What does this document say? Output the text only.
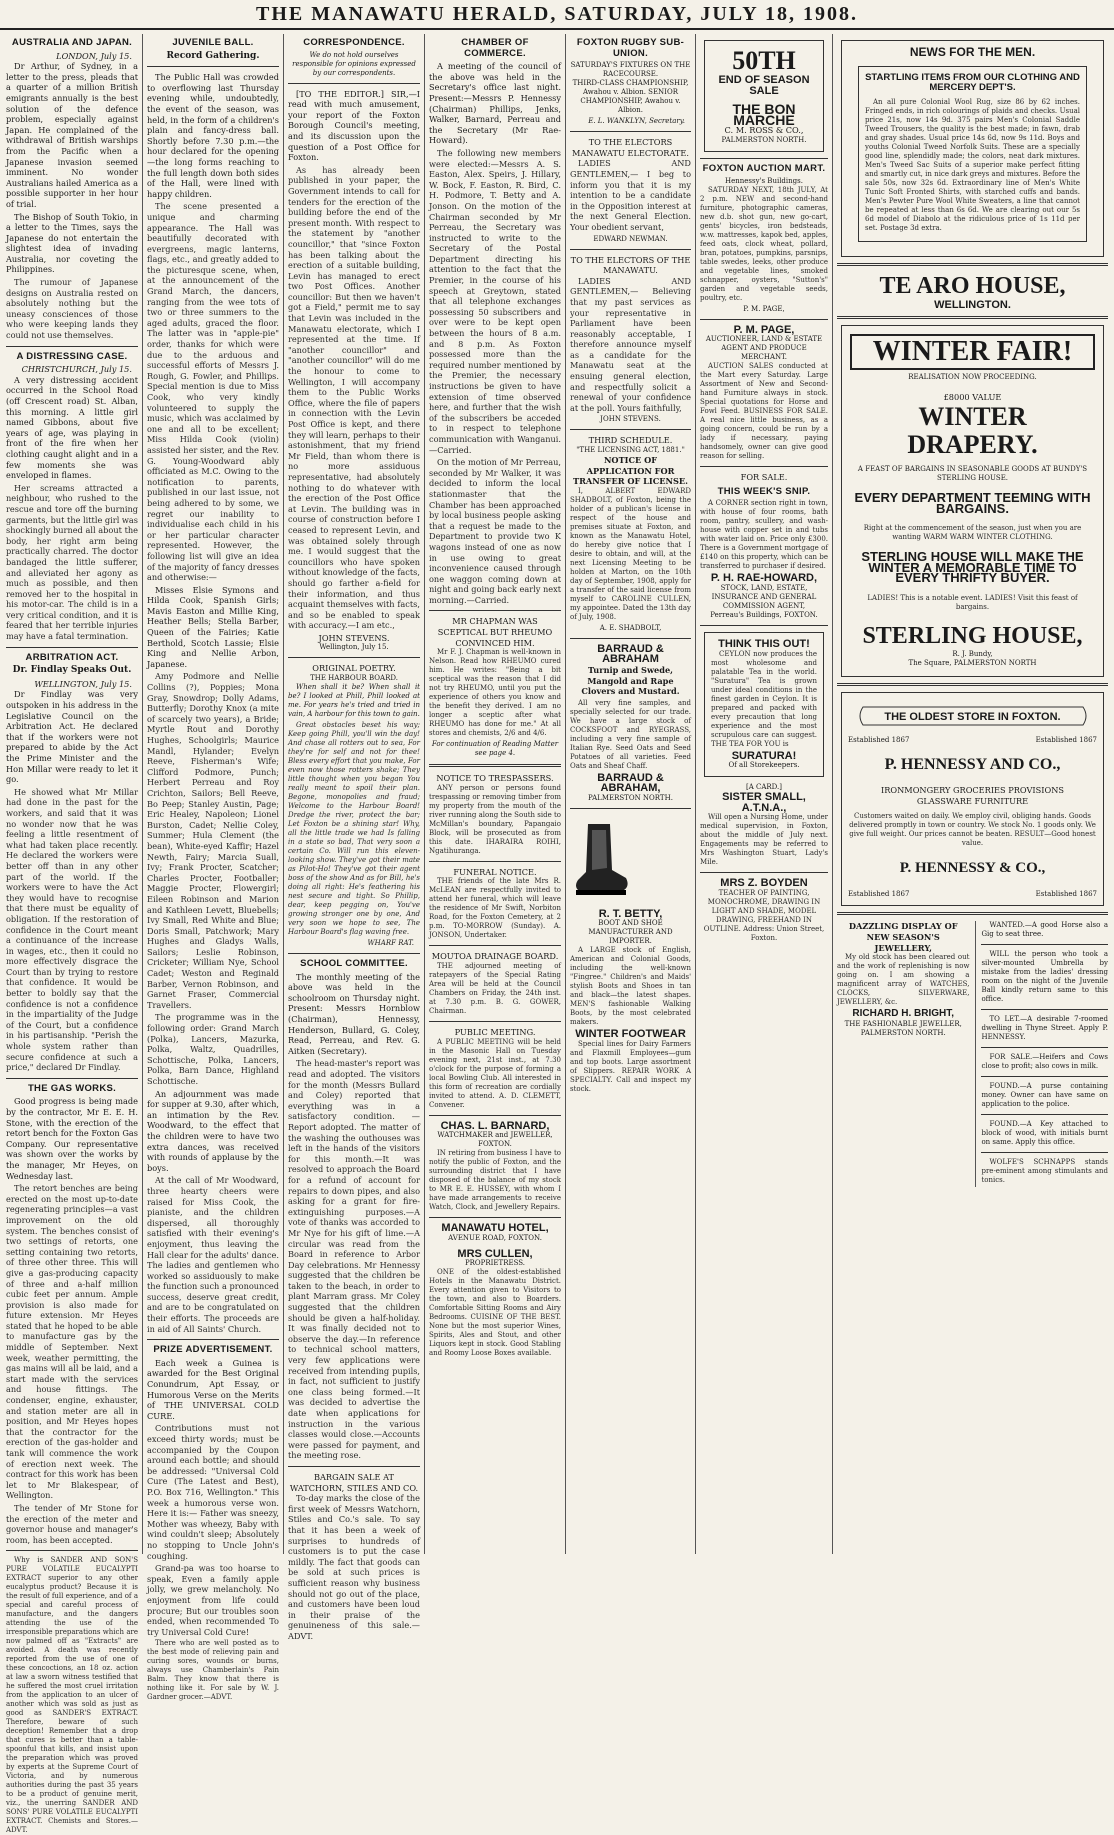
THE MANAWATU HERALD, SATURDAY, JULY 18, 1908.
AUSTRALIA AND JAPAN.
LONDON, July 15.

Dr Arthur, of Sydney, in a letter to the press, pleads that a quarter of a million British emigrants annually is the best solution of the defence problem, especially against Japan. He complained of the withdrawal of British warships from the Pacific when a Japanese invasion seemed imminent. No wonder Australians hailed America as a possible supporter in her hour of trial.

The Bishop of South Tokio, in a letter to the Times, says the Japanese do not entertain the slightest idea of invading Australia, nor coveting the Philippines.

The rumour of Japanese designs on Australia rested on absolutely nothing but the uneasy consciences of those who were keeping lands they could not use themselves.

A DISTRESSING CASE.
CHRISTCHURCH, July 15.

A very distressing accident occurred in the School Road (off Crescent road) St. Alban, this morning. A little girl named Gibbons, about five years of age, was playing in front of the fire when her clothing caught alight and in a few moments she was enveloped in flames.

Her screams attracted a neighbour, who rushed to the rescue and tore off the burning garments, but the little girl was shockingly burned all about the body, her right arm being practically charred. The doctor bandaged the little sufferer, and alleviated her agony as much as possible, and then removed her to the hospital in his motor-car. The child is in a very critical condition, and it is feared that her terrible injuries may have a fatal termination.

ARBITRATION ACT.
Dr. Findlay Speaks Out.
WELLINGTON, July 15.

Dr Findlay was very outspoken in his address in the Legislative Council on the Arbitration Act. He declared that if the workers were not prepared to abide by the Act the Prime Minister and the Hon Millar were ready to let it go.

He showed what Mr Millar had done in the past for the workers, and said that it was no wonder now that he was feeling a little resentment of what had taken place recently. He declared the workers were better off than in any other part of the world. If the workers were to have the Act they would have to recognise that there must be equality of obligation. If the restoration of confidence in the Court meant a continuance of the increase in wages, etc., then it could no more effectively disgrace the Court than by trying to restore that confidence. It would be better to boldly say that the confidence is not a confidence in the impartiality of the Judge of the Court, but a confidence in his partisanship. "Perish the whole system rather than secure confidence at such a price," declared Dr Findlay.

THE GAS WORKS.

Good progress is being made by the contractor, Mr E. E. H. Stone, with the erection of the retort bench for the Foxton Gas Company. Our representative was shown over the works by the manager, Mr Heyes, on Wednesday last.

The retort benches are being erected on the most up-to-date regenerating principles—a vast improvement on the old system. The benches consist of two settings of retorts, one setting containing two retorts, of three other three. This will give a gas-producing capacity of three and a-half million cubic feet per annum. Ample provision is also made for future extension. Mr Heyes stated that he hoped to be able to manufacture gas by the middle of September. Next week, weather permitting, the gas mains will all be laid, and a start made with the services and house fittings. The condenser, engine, exhauster, and station meter are all in position, and Mr Heyes hopes that the contractor for the erection of the gas-holder and tank will commence the work of erection next week. The contract for this work has been let to Mr Blakespear, of Wellington.

The tender of Mr Stone for the erection of the meter and governor house and manager's room, has been accepted.

Why is SANDER AND SON'S PURE VOLATILE EUCALYPTI EXTRACT superior to any other eucalyptus product? Because it is the result of full experience, and of a special and careful process of manufacture, and the dangers attending the use of the irresponsible preparations which are now palmed off as "Extracts" are avoided. A death was recently reported from the use of one of these concoctions, an 18 oz. action at law a sworn witness testified that he suffered the most cruel irritation from the application to an ulcer of another which was sold as just as good as SANDER'S EXTRACT. Therefore, beware of such deception! Remember that a drop that cures is better than a table-spoonful that kills, and insist upon the preparation which was proved by experts at the Supreme Court of Victoria, and by numerous authorities during the past 35 years to be a product of genuine merit, viz., the unerring SANDER AND SONS' PURE VOLATILE EUCALYPTI EXTRACT. Chemists and Stores.—ADVT.

JUVENILE BALL.
Record Gathering.

The Public Hall was crowded to overflowing last Thursday evening while, undoubtedly, the event of the season, was held, in the form of a children's plain and fancy-dress ball. Shortly before 7.30 p.m.—the hour declared for the opening—the long forms reaching to the full length down both sides of the Hall, were lined with happy children.

The scene presented a unique and charming appearance. The Hall was beautifully decorated with evergreens, magic lanterns, flags, etc., and greatly added to the picturesque scene, when, at the announcement of the Grand March, the dancers, ranging from the wee tots of two or three summers to the aged adults, graced the floor. The latter was in "apple-pie" order, thanks for which were due to the arduous and successful efforts of Messrs J. Rough, G. Fowler, and Phillips. Special mention is due to Miss Cook, who very kindly volunteered to supply the music, which was acclaimed by one and all to be excellent; Miss Hilda Cook (violin) assisted her sister, and the Rev. G. Young-Woodward ably officiated as M.C. Owing to the notification to parents, published in our last issue, not being adhered to by some, we regret our inability to individualise each child in his or her particular character represented. However, the following list will give an idea of the majority of fancy dresses and otherwise:—

Misses Elsie Symons and Hilda Cook, Spanish Girls; Mavis Easton and Millie King, Heather Bells; Stella Barber, Queen of the Fairies; Katie Berthold, Scotch Lassie; Elsie King and Nellie Arbon, Japanese.

Amy Podmore and Nellie Collins (?), Poppies; Mona Gray, Snowdrop; Dolly Adams, Butterfly; Dorothy Knox (a mite of scarcely two years), a Bride; Myrtle Rout and Dorothy Hughes, Schoolgirls; Maurice Mandl, Hylander; Evelyn Reeve, Fisherman's Wife; Clifford Podmore, Punch; Herbert Perreau and Roy Crichton, Sailors; Bell Reeve, Bo Peep; Stanley Austin, Page; Eric Healey, Napoleon; Lionel Burston, Cadet; Nellie Coley, Summer; Hula Clement (the bean), White-eyed Kaffir; Hazel Newth, Fairy; Marcia Suall, Ivy; Frank Procter, Scatcher; Charles Procter, Footballer; Maggie Procter, Flowergirl; Eileen Robinson and Marion and Kathleen Levett, Bluebells; Ivy Small, Red White and Blue; Doris Small, Patchwork; Mary Hughes and Gladys Walls, Sailors; Leslie Robinson, Cricketer; William Nye, School Cadet; Weston and Reginald Barber, Vernon Robinson, and Garnet Fraser, Commercial Travellers.

The programme was in the following order: Grand March (Polka), Lancers, Mazurka, Polka, Waltz, Quadrilles, Schottische, Polka, Lancers, Polka, Barn Dance, Highland Schottische.

An adjournment was made for supper at 9.30, after which, an intimation by the Rev. Woodward, to the effect that the children were to have two extra dances, was received with rounds of applause by the boys.

At the call of Mr Woodward, three hearty cheers were raised for Miss Cook, the pianiste, and the children dispersed, all thoroughly satisfied with their evening's enjoyment, thus leaving the Hall clear for the adults' dance. The ladies and gentlemen who worked so assiduously to make the function such a pronounced success, deserve great credit, and are to be congratulated on their efforts. The proceeds are in aid of All Saints' Church.

PRIZE ADVERTISEMENT.

Each week a Guinea is awarded for the Best Original Conundrum, Apt Essay, or Humorous Verse on the Merits of THE UNIVERSAL COLD CURE.

Contributions must not exceed thirty words; must be accompanied by the Coupon around each bottle; and should be addressed: "Universal Cold Cure (The Latest and Best), P.O. Box 716, Wellington." This week a humorous verse won. Here it is:— Father was sneezy, Mother was wheezy, Baby with wind couldn't sleep; Absolutely no stopping to Uncle John's coughing.

Grand-pa was too hoarse to speak, Even a family apple jolly, we grew melancholy. No enjoyment from life could procure; But our troubles soon ended, when recommended To try Universal Cold Cure!

There who are well posted as to the best mode of relieving pain and curing sores, wounds or burns, always use Chamberlain's Pain Balm. They know that there is nothing like it. For sale by W. J. Gardner grocer.—ADVT.

CORRESPONDENCE.
We do not hold ourselves responsible for opinions expressed by our correspondents.

[TO THE EDITOR.] SIR,—I read with much amusement, your report of the Foxton Borough Council's meeting, and its discussion upon the question of a Post Office for Foxton.

As has already been published in your paper, the Government intends to call for tenders for the erection of the building before the end of the present month. With respect to the statement by "another councillor," that "since Foxton has been talking about the erection of a suitable building, Levin has managed to erect two Post Offices. Another councillor: But then we haven't got a Field," permit me to say that Levin was included in the Manawatu electorate, which I represented at the time. If "another councillor" and "another councillor" will do me the honour to come to Wellington, I will accompany them to the Public Works Office, where the file of papers in connection with the Levin Post Office is kept, and there they will learn, perhaps to their astonishment, that my friend Mr Field, than whom there is no more assiduous representative, had absolutely nothing to do whatever with the erection of the Post Office at Levin. The building was in course of construction before I ceased to represent Levin, and was obtained solely through me. I would suggest that the councillors who have spoken without knowledge of the facts, should go farther a-field for their information, and thus acquaint themselves with facts, and so be enabled to speak with accuracy.—I am etc.,

JOHN STEVENS.
Wellington, July 15.
ORIGINAL POETRY.
THE HARBOUR BOARD.

When shall it be? When shall it be? I looked at Phill, Phill looked at me. For years he's tried and tried in vain, A harbour for this town to gain.

Great obstacles beset his way; Keep going Phill, you'll win the day! And chase all rotters out to sea, For they're for self and not for thee! Bless every effort that you make, For even now those rotters shake; They little thought when you began You really meant to spoil their plan. Begone, monopolies and fraud; Welcome to the Harbour Board! Dredge the river, protect the bar; Let Foxton be a shining star! Why, all the little trade we had Is falling in a state so bad, That very soon a certain Co. Will run this eleven-looking show. They've got their mate as Pilot-Ho! They've got their agent boss of the show And as for Bill, he's doing all right: He's feathering his nest secure and tight. So Phillip, dear, keep pegging on, You've growing stronger one by one, And very soon we hope to see, The Harbour Board's flag waving free.

WHARF RAT.
SCHOOL COMMITTEE.

The monthly meeting of the above was held in the schoolroom on Thursday night. Present: Messrs Hornblow (Chairman), Hennessy, Henderson, Bullard, G. Coley, Read, Perreau, and Rev. G. Aitken (Secretary).

The head-master's report was read and adopted. The visitors for the month (Messrs Bullard and Coley) reported that everything was in a satisfactory condition. — Report adopted. The matter of the washing the outhouses was left in the hands of the visitors for this month.—It was resolved to approach the Board for a refund of account for repairs to down pipes, and also asking for a grant for fire-extinguishing purposes.—A vote of thanks was accorded to Mr Nye for his gift of lime.—A circular was read from the Board in reference to Arbor Day celebrations. Mr Hennessy suggested that the children be taken to the beach, in order to plant Marram grass. Mr Coley suggested that the children should be given a half-holiday. It was finally decided not to observe the day.—In reference to technical school matters, very few applications were received from intending pupils, in fact, not sufficient to justify one class being formed.—It was decided to advertise the date when applications for instruction in the various classes would close.—Accounts were passed for payment, and the meeting rose.

BARGAIN SALE AT WATCHORN, STILES AND CO.

To-day marks the close of the first week of Messrs Watchorn, Stiles and Co.'s sale. To say that it has been a week of surprises to hundreds of customers is to put the case mildly. The fact that goods can be sold at such prices is sufficient reason why business should not go out of the place, and customers have been loud in their praise of the genuineness of this sale.—ADVT.

CHAMBER OF COMMERCE.

A meeting of the council of the above was held in the Secretary's office last night. Present:—Messrs P. Hennessy (Chairman) Phillips, Jenks, Walker, Barnard, Perreau and the Secretary (Mr Rae-Howard).

The following new members were elected:—Messrs A. S. Easton, Alex. Speirs, J. Hillary, W. Bock, F. Easton, R. Bird, C. H. Podmore, T. Betty and A. Jonson. On the motion of the Chairman seconded by Mr Perreau, the Secretary was instructed to write to the Secretary of the Postal Department directing his attention to the fact that the Premier, in the course of his speech at Greytown, stated that all telephone exchanges possessing 50 subscribers and over were to be kept open between the hours of 8 a.m. and 8 p.m. As Foxton possessed more than the required number mentioned by the Premier, the necessary instructions be given to have extension of time observed here, and further that the wish of the subscribers be acceded to in respect to telephone communication with Wanganui.—Carried.

On the motion of Mr Perreau, seconded by Mr Walker, it was decided to inform the local stationmaster that the Chamber has been approached by local business people asking that a request be made to the Department to provide two K wagons instead of one as now in use owing to great inconvenience caused through one waggon coming down at night and going back early next morning.—Carried.

MR CHAPMAN WAS SCEPTICAL BUT RHEUMO CONVINCED HIM.

Mr F. J. Chapman is well-known in Nelson. Read how RHEUMO cured him. He writes: "Being a bit sceptical was the reason that I did not try RHEUMO, until you put the experience of others you know and the benefit they derived. I am no longer a sceptic after what RHEUMO has done for me." At all stores and chemists, 2/6 and 4/6.

For continuation of Reading Matter see page 4.
NOTICE TO TRESPASSERS.

ANY person or persons found trespassing or removing timber from my property from the mouth of the river running along the South side to McMillan's boundary, Papangaio Block, will be prosecuted as from this date. IHARAIRA ROIHI, Ngatihuranga.

FUNERAL NOTICE.

THE friends of the late Mrs R. McLEAN are respectfully invited to attend her funeral, which will leave the residence of Mr Swift, Norbiton Road, for the Foxton Cemetery, at 2 p.m. TO-MORROW (Sunday). A. JONSON, Undertaker.

MOUTOA DRAINAGE BOARD.

THE adjourned meeting of ratepayers of the Special Rating Area will be held at the Council Chambers on Friday, the 24th inst. at 7.30 p.m. B. G. GOWER, Chairman.

PUBLIC MEETING.

A PUBLIC MEETING will be held in the Masonic Hall on Tuesday evening next, 21st inst., at 7.30 o'clock for the purpose of forming a local Bowling Club. All interested in this form of recreation are cordially invited to attend. A. D. CLEMETT, Convener.

CHAS. L. BARNARD,
WATCHMAKER and JEWELLER, FOXTON.

IN retiring from business I have to notify the public of Foxton, and the surrounding district that I have disposed of the balance of my stock to MR E. E. HUSSEY, with whom I have made arrangements to receive Watch, Clock, and Jewellery Repairs.

MANAWATU HOTEL,
AVENUE ROAD, FOXTON.
MRS CULLEN,
PROPRIETRESS.

ONE of the oldest-established Hotels in the Manawatu District. Every attention given to Visitors to the town, and also to Boarders. Comfortable Sitting Rooms and Airy Bedrooms. CUISINE OF THE BEST. None but the most superior Wines, Spirits, Ales and Stout, and other Liquors kept in stock. Good Stabling and Roomy Loose Boxes available.

FOXTON RUGBY SUB-UNION.
SATURDAY'S FIXTURES ON THE RACECOURSE.

THIRD-CLASS CHAMPIONSHIP, Awahou v. Albion. SENIOR CHAMPIONSHIP, Awahou v. Albion.

E. L. WANKLYN, Secretary.
TO THE ELECTORS MANAWATU ELECTORATE.

LADIES AND GENTLEMEN,— I beg to inform you that it is my intention to be a candidate in the Opposition interest at the next General Election. Your obedient servant,

EDWARD NEWMAN.
TO THE ELECTORS OF THE MANAWATU.

LADIES AND GENTLEMEN,— Believing that my past services as your representative in Parliament have been reasonably acceptable, I therefore announce myself as a candidate for the Manawatu seat at the ensuing general election, and respectfully solicit a renewal of your confidence at the poll. Yours faithfully,

JOHN STEVENS.
THIRD SCHEDULE.
"THE LICENSING ACT, 1881."
NOTICE OF APPLICATION FOR TRANSFER OF LICENSE.

I, ALBERT EDWARD SHADBOLT, of Foxton, being the holder of a publican's license in respect of the house and premises situate at Foxton, and known as the Manawatu Hotel, do hereby give notice that I desire to obtain, and will, at the next Licensing Meeting to be holden at Marton, on the 10th day of September, 1908, apply for a transfer of the said license from myself to CAROLINE CULLEN, my appointee. Dated the 13th day of July, 1908.

A. E. SHADBOLT,
BARRAUD & ABRAHAM

Turnip and Swede, Mangold and Rape Clovers and Mustard.

All very fine samples, and specially selected for our trade. We have a large stock of COCKSFOOT and RYEGRASS, including a very fine sample of Italian Rye. Seed Oats and Seed Potatoes of all varieties. Feed Oats and Sheaf Chaff.

BARRAUD & ABRAHAM,
PALMERSTON NORTH.
R. T. BETTY,
BOOT AND SHOE MANUFACTURER AND IMPORTER.

A LARGE stock of English, American and Colonial Goods, including the well-known "Fingree." Children's and Maids' stylish Boots and Shoes in tan and black—the latest shapes. MEN'S fashionable Walking Boots, by the most celebrated makers.

WINTER FOOTWEAR

Special lines for Dairy Farmers and Flaxmill Employees—gum and top boots. Large assortment of Slippers. REPAIR WORK A SPECIALTY. Call and inspect my stock.

50TH
END OF SEASON SALE
THE BON MARCHE
C. M. ROSS & CO.,
PALMERSTON NORTH.
FOXTON AUCTION MART.
Hennessy's Buildings.

SATURDAY NEXT, 18th JULY, At 2 p.m. NEW and second-hand furniture, photographic cameras, new d.b. shot gun, new go-cart, gents' bicycles, iron bedsteads, w.w. mattresses, kapok bed, apples, feed oats, clock wheat, pollard, bran, potatoes, pumpkins, parsnips, table swedes, leeks, other produce and vegetable lines, smoked schnapper, oysters, "Sutton's" garden and vegetable seeds, poultry, etc.

P. M. PAGE,
P. M. PAGE,
AUCTIONEER, LAND & ESTATE AGENT AND PRODUCE MERCHANT.

AUCTION SALES conducted at the Mart every Saturday. Large Assortment of New and Second-hand Furniture always in stock. Special quotations for Horse and Fowl Feed. BUSINESS FOR SALE. A real nice little business, as a going concern, could be run by a lady if necessary, paying handsomely, owner can give good reason for selling.

FOR SALE.
THIS WEEK'S SNIP.

A CORNER section right in town, with house of four rooms, bath room, pantry, scullery, and wash-house with copper set in and tubs with water laid on. Price only £300. There is a Government mortgage of £140 on this property, which can be transferred to purchaser if desired.

P. H. RAE-HOWARD,
STOCK, LAND, ESTATE, INSURANCE AND GENERAL COMMISSION AGENT,
Perreau's Buildings, FOXTON.
THINK THIS OUT!

CEYLON now produces the most wholesome and palatable Tea in the world. "Suratura" Tea is grown under ideal conditions in the finest garden in Ceylon. It is prepared and packed with every precaution that long experience and the most scrupulous care can suggest. THE TEA FOR YOU is

SURATURA!
Of all Storekeepers.
[A CARD.]
SISTER SMALL, A.T.N.A.,

Will open a Nursing Home, under medical supervision, in Foxton, about the middle of July next. Engagements may be referred to Mrs Washington Stuart, Lady's Mile.

MRS Z. BOYDEN

TEACHER OF PAINTING, MONOCHROME, DRAWING IN LIGHT AND SHADE, MODEL DRAWING, FREEHAND IN OUTLINE. Address: Union Street, Foxton.

NEWS FOR THE MEN.
STARTLING ITEMS FROM OUR CLOTHING AND MERCERY DEPT'S.

An all pure Colonial Wool Rug, size 86 by 62 inches. Fringed ends, in rich colourings of plaids and checks. Usual price 21s, now 14s 9d. 375 pairs Men's Colonial Saddle Tweed Trousers, the quality is the best made; in fawn, drab and gray shades. Usual price 14s 6d, now 9s 11d. Boys and youths Colonial Tweed Norfolk Suits. These are a specially good line, splendidly made; the colors, neat dark mixtures. Men's Tweed Sac Suits of a superior make perfect fitting and smartly cut, in nice dark greys and mixtures. Before the sale 50s, now 32s 6d. Extraordinary line of Men's White Tunic Soft Fronted Shirts, with starched cuffs and bands. Men's Pewter Pure Wool White Sweaters, a line that cannot be repeated at less than 6s 6d. We are clearing out our 5s 6d model of Diabolo at the ridiculous price of 1s 11d per set. Postage 3d extra.

TE ARO HOUSE,
WELLINGTON.
WINTER FAIR!
REALISATION NOW PROCEEDING.
£8000 VALUE
WINTER DRAPERY.
A FEAST OF BARGAINS IN SEASONABLE GOODS AT BUNDY'S STERLING HOUSE.
EVERY DEPARTMENT TEEMING WITH BARGAINS.

Right at the commencement of the season, just when you are wanting WARM WARM WINTER CLOTHING.

STERLING HOUSE WILL MAKE THE WINTER A MEMORABLE TIME TO EVERY THRIFTY BUYER.

LADIES! This is a notable event. LADIES! Visit this feast of bargains.

STERLING HOUSE,
R. J. Bundy,
The Square, PALMERSTON NORTH
THE OLDEST STORE IN FOXTON.
Established 1867	Established 1867
P. HENNESSY AND CO.,
IRONMONGERY GROCERIES PROVISIONS GLASSWARE FURNITURE

Customers waited on daily. We employ civil, obliging hands. Goods delivered promptly in town or country. We stock No. 1 goods only. We give full weight. Our prices cannot be beaten. RESULT—Good honest value.

P. HENNESSY & CO.,
Established 1867	Established 1867
DAZZLING DISPLAY OF NEW SEASON'S JEWELLERY,

My old stock has been cleared out and the work of replenishing is now going on. I am showing a magnificent array of WATCHES, CLOCKS, SILVERWARE, JEWELLERY, &c.

RICHARD H. BRIGHT,
THE FASHIONABLE JEWELLER,
PALMERSTON NORTH.

WANTED.—A good Horse also a Gig to seat three.

WILL the person who took a silver-mounted Umbrella by mistake from the ladies' dressing room on the night of the Juvenile Ball kindly return same to this office.

TO LET.—A desirable 7-roomed dwelling in Thyne Street. Apply P. HENNESSY.

FOR SALE.—Heifers and Cows close to profit; also cows in milk.

FOUND.—A purse containing money. Owner can have same on application to the police.

FOUND.—A Key attached to block of wood, with initials burnt on same. Apply this office.

WOLFE'S SCHNAPPS stands pre-eminent among stimulants and tonics.
